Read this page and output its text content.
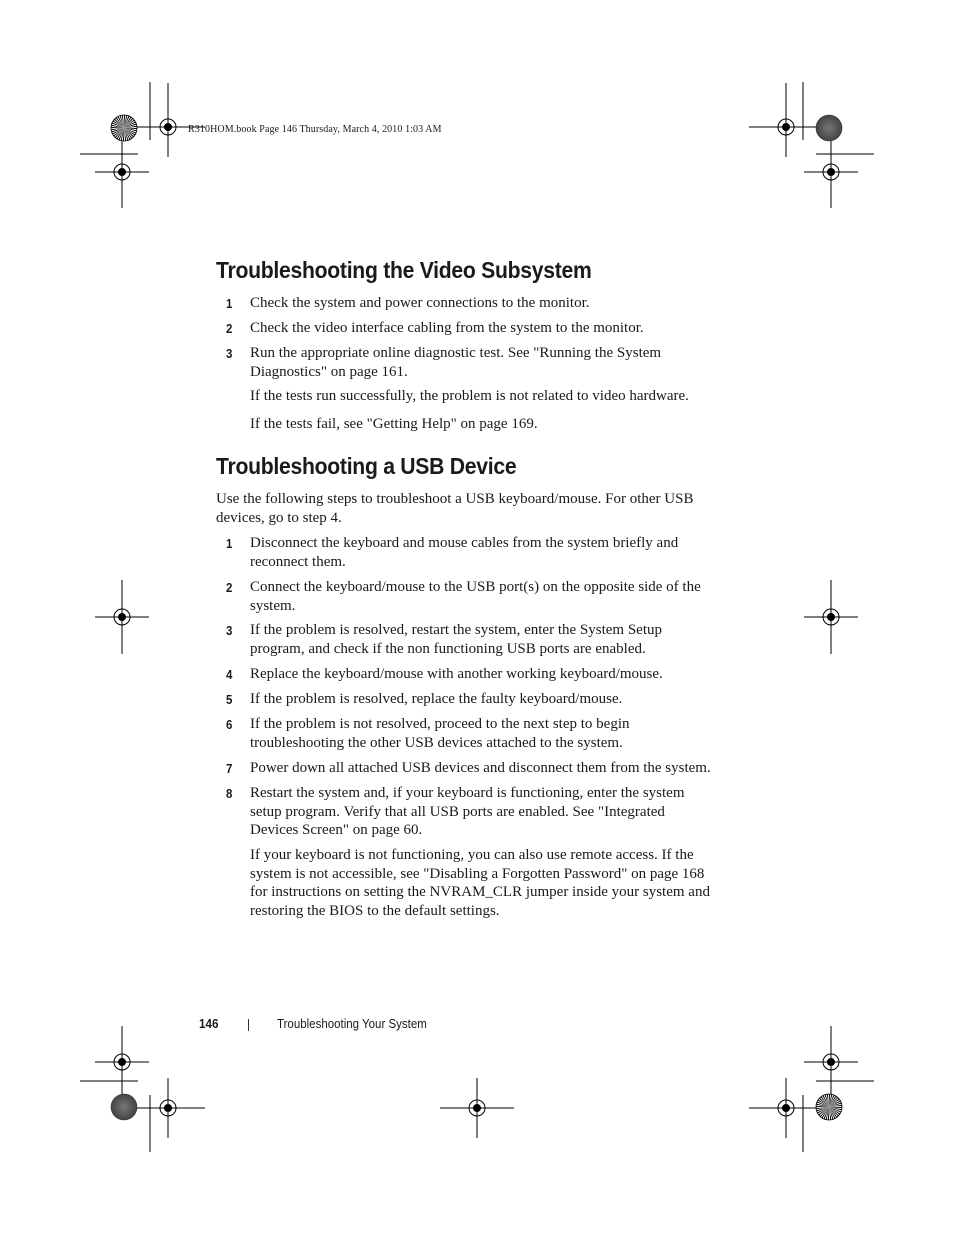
R310HOM.book Page 146 Thursday, March 4, 2010 1:03 AM
Troubleshooting the Video Subsystem
1 Check the system and power connections to the monitor.
2 Check the video interface cabling from the system to the monitor.
3 Run the appropriate online diagnostic test. See "Running the System Diagnostics" on page 161.
If the tests run successfully, the problem is not related to video hardware.
If the tests fail, see "Getting Help" on page 169.
Troubleshooting a USB Device
Use the following steps to troubleshoot a USB keyboard/mouse. For other USB devices, go to step 4.
1 Disconnect the keyboard and mouse cables from the system briefly and reconnect them.
2 Connect the keyboard/mouse to the USB port(s) on the opposite side of the system.
3 If the problem is resolved, restart the system, enter the System Setup program, and check if the non functioning USB ports are enabled.
4 Replace the keyboard/mouse with another working keyboard/mouse.
5 If the problem is resolved, replace the faulty keyboard/mouse.
6 If the problem is not resolved, proceed to the next step to begin troubleshooting the other USB devices attached to the system.
7 Power down all attached USB devices and disconnect them from the system.
8 Restart the system and, if your keyboard is functioning, enter the system setup program. Verify that all USB ports are enabled. See "Integrated Devices Screen" on page 60.
If your keyboard is not functioning, you can also use remote access. If the system is not accessible, see "Disabling a Forgotten Password" on page 168 for instructions on setting the NVRAM_CLR jumper inside your system and restoring the BIOS to the default settings.
146	Troubleshooting Your System
